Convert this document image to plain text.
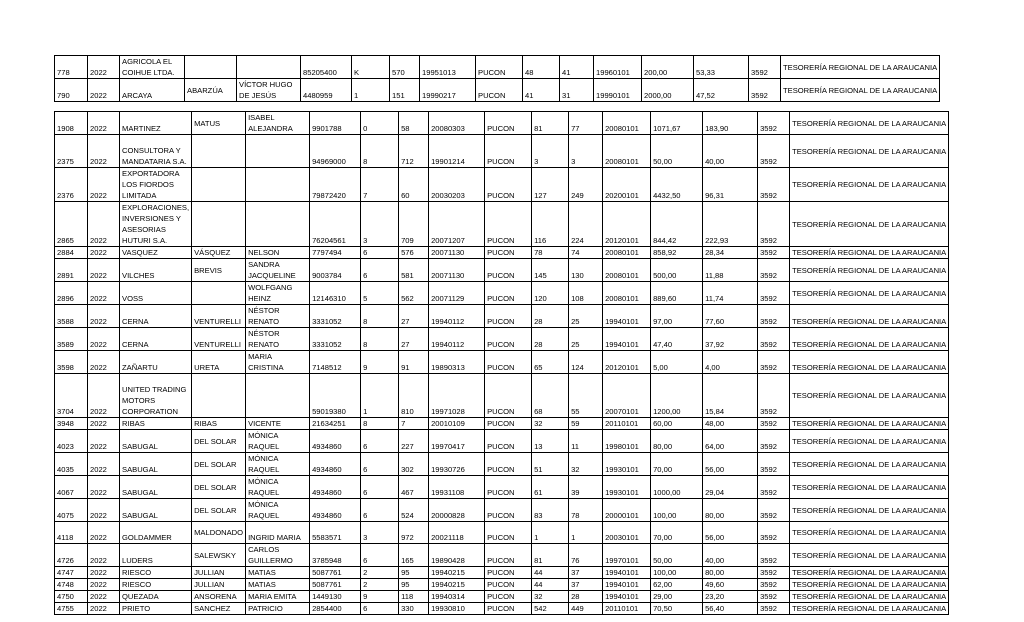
778	2022	AGRICOLA EL COIHUE LTDA.			85205400	K	570	19951013	PUCON	48	41	19960101	200,00	53,33	3592	TESORERÍA REGIONAL DE LA ARAUCANIA
790	2022	ARCAYA	ABARZÚA	VÍCTOR HUGO DE JESÚS	4480959	1	151	19990217	PUCON	41	31	19990101	2000,00	47,52	3592	TESORERÍA REGIONAL DE LA ARAUCANIA
1908	2022	MARTINEZ	MATUS	ISABEL ALEJANDRA	9901788	0	58	20080303	PUCON	81	77	20080101	1071,67	183,90	3592	TESORERÍA REGIONAL DE LA ARAUCANIA
2375	2022	CONSULTORA Y MANDATARIA S.A.			94969000	8	712	19901214	PUCON	3	3	20080101	50,00	40,00	3592	TESORERÍA REGIONAL DE LA ARAUCANIA
2376	2022	EXPORTADORA LOS FIORDOS LIMITADA			79872420	7	60	20030203	PUCON	127	249	20200101	4432,50	96,31	3592	TESORERÍA REGIONAL DE LA ARAUCANIA
2865	2022	EXPLORACIONES, INVERSIONES Y ASESORIAS HUTURI S.A.			76204561	3	709	20071207	PUCON	116	224	20120101	844,42	222,93	3592	TESORERÍA REGIONAL DE LA ARAUCANIA
2884	2022	VASQUEZ	VÁSQUEZ	NELSON	7797494	6	576	20071130	PUCON	78	74	20080101	858,92	28,34	3592	TESORERÍA REGIONAL DE LA ARAUCANIA
2891	2022	VILCHES	BREVIS	SANDRA JACQUELINE	9003784	6	581	20071130	PUCON	145	130	20080101	500,00	11,88	3592	TESORERÍA REGIONAL DE LA ARAUCANIA
2896	2022	VOSS		WOLFGANG HEINZ	12146310	5	562	20071129	PUCON	120	108	20080101	889,60	11,74	3592	TESORERÍA REGIONAL DE LA ARAUCANIA
3588	2022	CERNA	VENTURELLI	NÉSTOR RENATO	3331052	8	27	19940112	PUCON	28	25	19940101	97,00	77,60	3592	TESORERÍA REGIONAL DE LA ARAUCANIA
3589	2022	CERNA	VENTURELLI	NÉSTOR RENATO	3331052	8	27	19940112	PUCON	28	25	19940101	47,40	37,92	3592	TESORERÍA REGIONAL DE LA ARAUCANIA
3598	2022	ZAÑARTU	URETA	MARIA CRISTINA	7148512	9	91	19890313	PUCON	65	124	20120101	5,00	4,00	3592	TESORERÍA REGIONAL DE LA ARAUCANIA
3704	2022	UNITED TRADING MOTORS CORPORATION			59019380	1	810	19971028	PUCON	68	55	20070101	1200,00	15,84	3592	TESORERÍA REGIONAL DE LA ARAUCANIA
3948	2022	RIBAS	RIBAS	VICENTE	21634251	8	7	20010109	PUCON	32	59	20110101	60,00	48,00	3592	TESORERÍA REGIONAL DE LA ARAUCANIA
4023	2022	SABUGAL	DEL SOLAR	MÓNICA RAQUEL	4934860	6	227	19970417	PUCON	13	11	19980101	80,00	64,00	3592	TESORERÍA REGIONAL DE LA ARAUCANIA
4035	2022	SABUGAL	DEL SOLAR	MÓNICA RAQUEL	4934860	6	302	19930726	PUCON	51	32	19930101	70,00	56,00	3592	TESORERÍA REGIONAL DE LA ARAUCANIA
4067	2022	SABUGAL	DEL SOLAR	MÓNICA RAQUEL	4934860	6	467	19931108	PUCON	61	39	19930101	1000,00	29,04	3592	TESORERÍA REGIONAL DE LA ARAUCANIA
4075	2022	SABUGAL	DEL SOLAR	MÓNICA RAQUEL	4934860	6	524	20000828	PUCON	83	78	20000101	100,00	80,00	3592	TESORERÍA REGIONAL DE LA ARAUCANIA
4118	2022	GOLDAMMER	MALDONADO	INGRID MARIA	5583571	3	972	20021118	PUCON	1	1	20030101	70,00	56,00	3592	TESORERÍA REGIONAL DE LA ARAUCANIA
4726	2022	LUDERS	SALEWSKY	CARLOS GUILLERMO	3785948	6	165	19890428	PUCON	81	76	19970101	50,00	40,00	3592	TESORERÍA REGIONAL DE LA ARAUCANIA
4747	2022	RIESCO	JULLIAN	MATIAS	5087761	2	95	19940215	PUCON	44	37	19940101	100,00	80,00	3592	TESORERÍA REGIONAL DE LA ARAUCANIA
4748	2022	RIESCO	JULLIAN	MATIAS	5087761	2	95	19940215	PUCON	44	37	19940101	62,00	49,60	3592	TESORERÍA REGIONAL DE LA ARAUCANIA
4750	2022	QUEZADA	ANSORENA	MARIA EMITA	1449130	9	118	19940314	PUCON	32	28	19940101	29,00	23,20	3592	TESORERÍA REGIONAL DE LA ARAUCANIA
4755	2022	PRIETO	SANCHEZ	PATRICIO	2854400	6	330	19930810	PUCON	542	449	20110101	70,50	56,40	3592	TESORERÍA REGIONAL DE LA ARAUCANIA
